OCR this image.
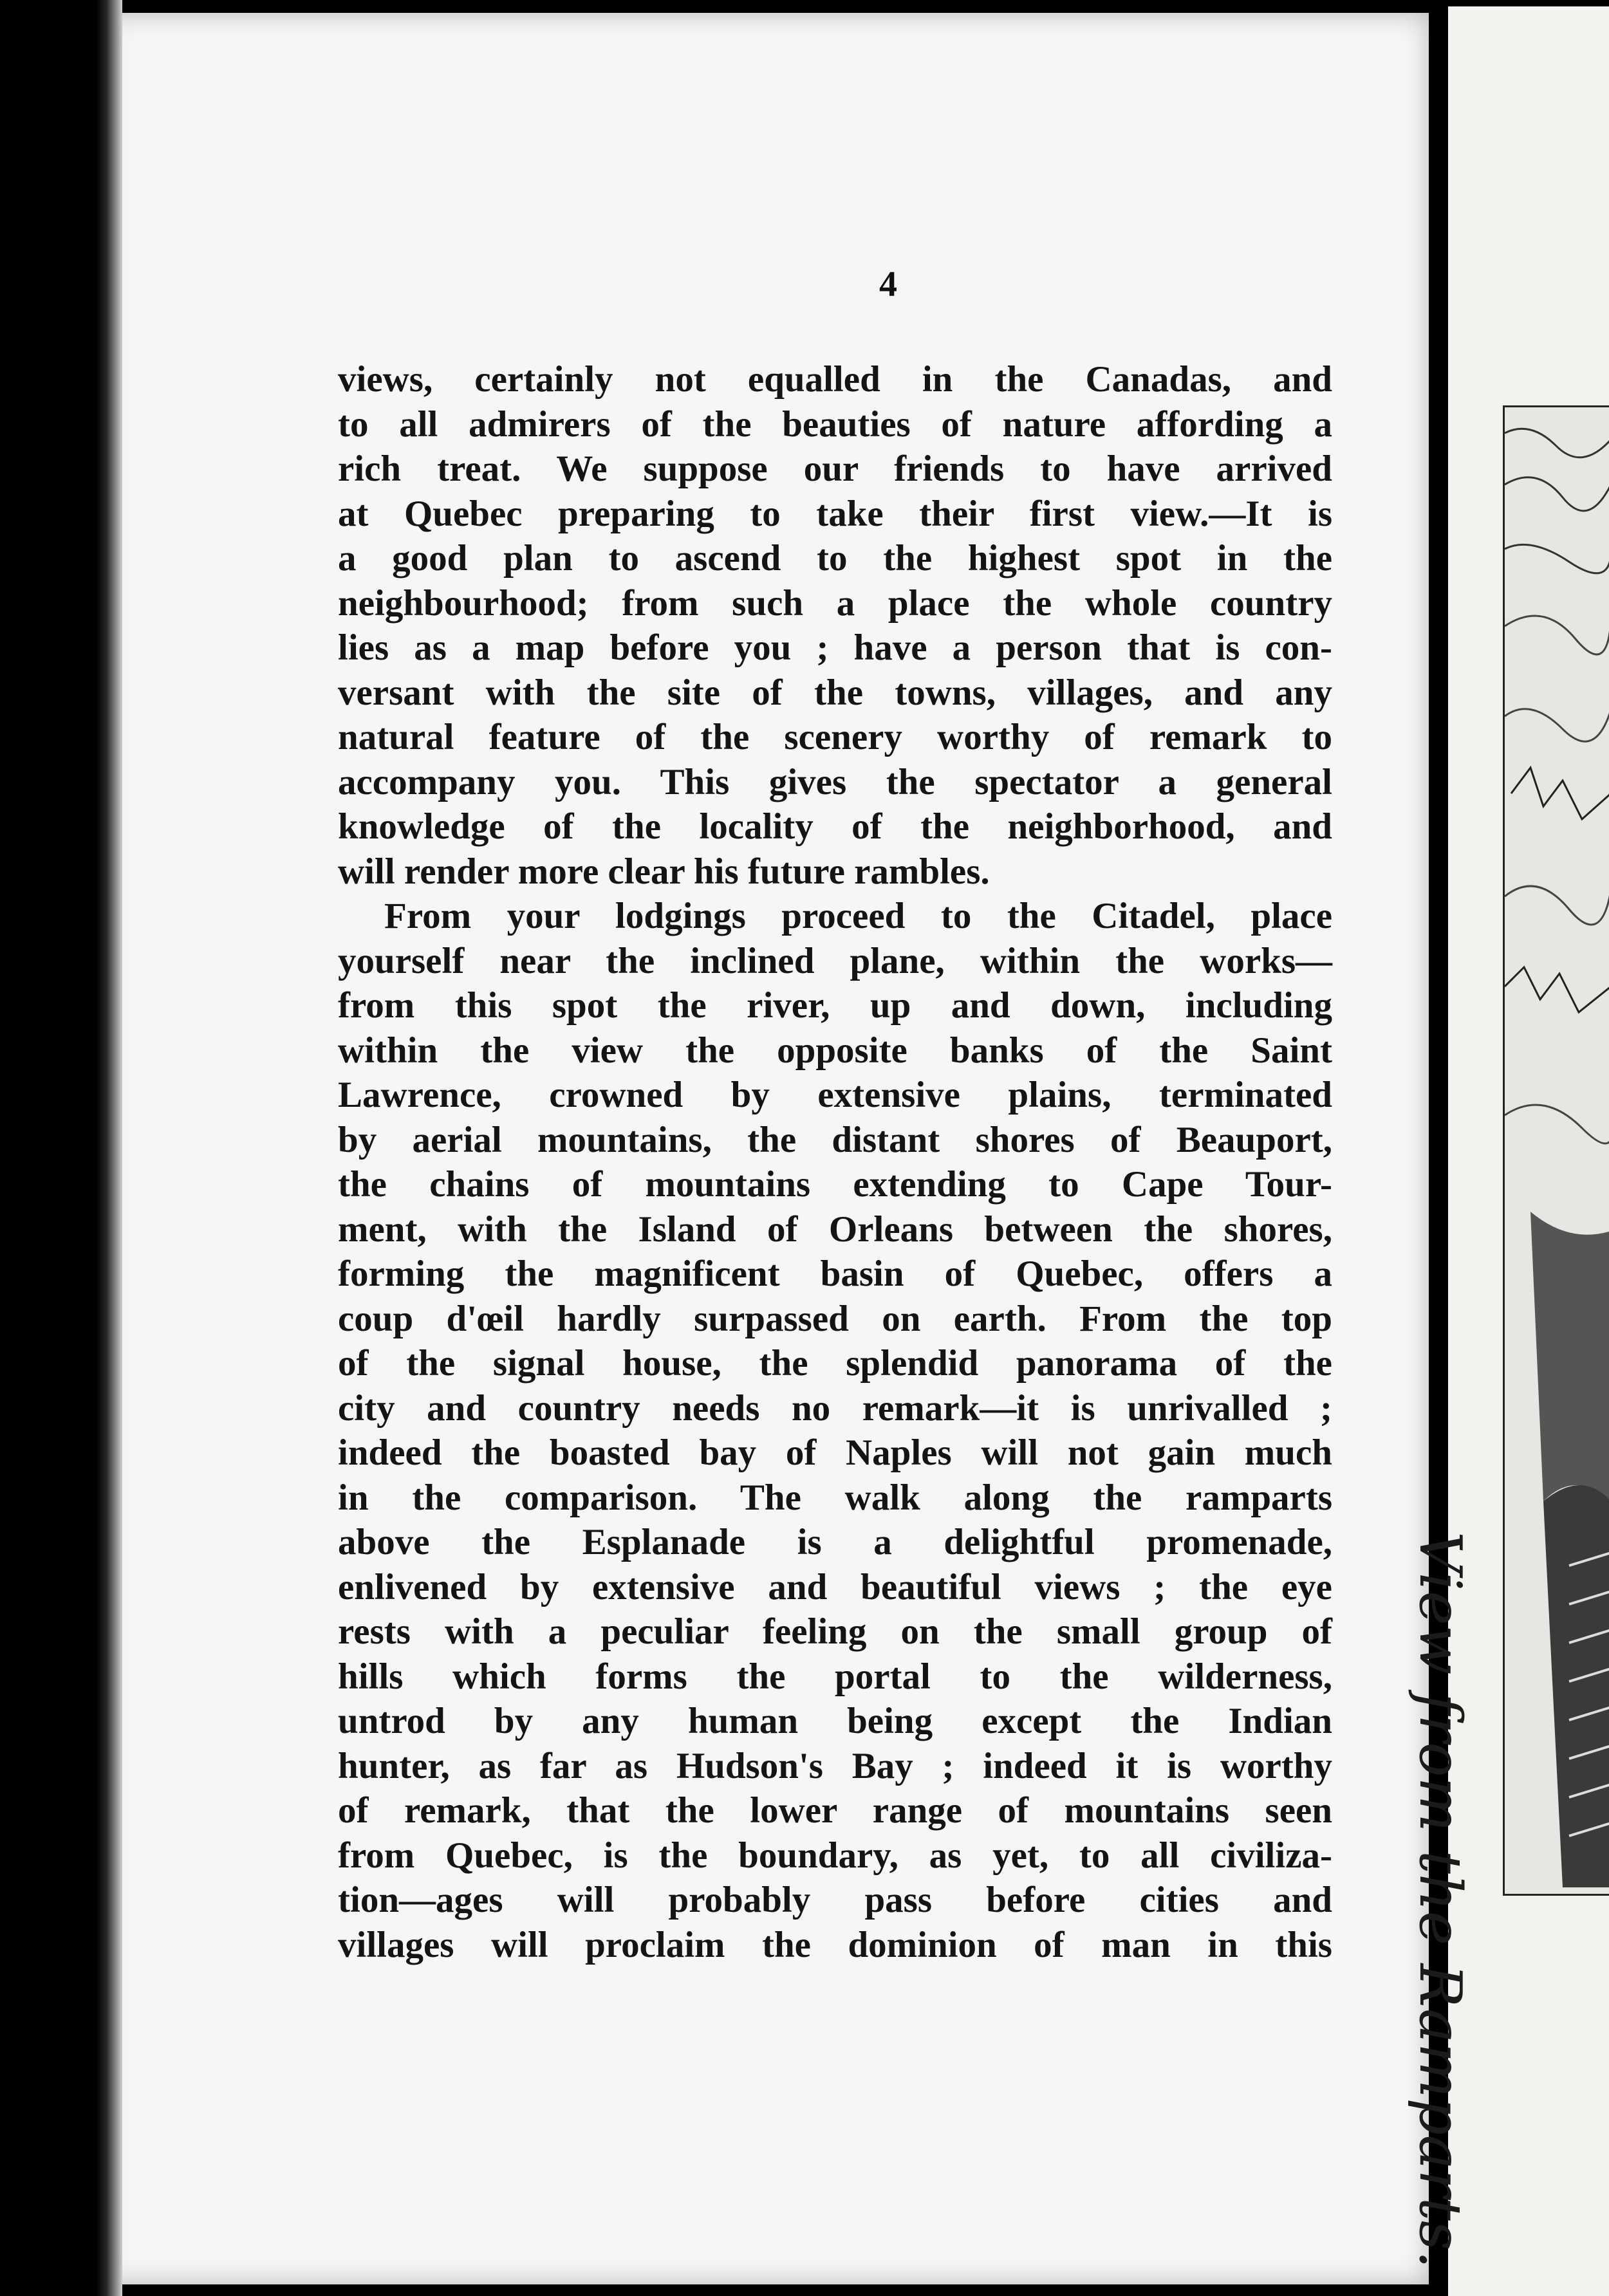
4
views, certainly not equalled in the Canadas, and
to all admirers of the beauties of nature affording a
rich treat. We suppose our friends to have arrived
at Quebec preparing to take their first view.—It is
a good plan to ascend to the highest spot in the
neighbourhood; from such a place the whole country
lies as a map before you ; have a person that is con-
versant with the site of the towns, villages, and any
natural feature of the scenery worthy of remark to
accompany you. This gives the spectator a general
knowledge of the locality of the neighborhood, and
will render more clear his future rambles.
From your lodgings proceed to the Citadel, place
yourself near the inclined plane, within the works—
from this spot the river, up and down, including
within the view the opposite banks of the Saint
Lawrence, crowned by extensive plains, terminated
by aerial mountains, the distant shores of Beauport,
the chains of mountains extending to Cape Tour-
ment, with the Island of Orleans between the shores,
forming the magnificent basin of Quebec, offers a
coup d'œil hardly surpassed on earth. From the top
of the signal house, the splendid panorama of the
city and country needs no remark—it is unrivalled ;
indeed the boasted bay of Naples will not gain much
in the comparison. The walk along the ramparts
above the Esplanade is a delightful promenade,
enlivened by extensive and beautiful views ; the eye
rests with a peculiar feeling on the small group of
hills which forms the portal to the wilderness,
untrod by any human being except the Indian
hunter, as far as Hudson's Bay ; indeed it is worthy
of remark, that the lower range of mountains seen
from Quebec, is the boundary, as yet, to all civiliza-
tion—ages will probably pass before cities and
villages will proclaim the dominion of man in this View from the Ramparts.
